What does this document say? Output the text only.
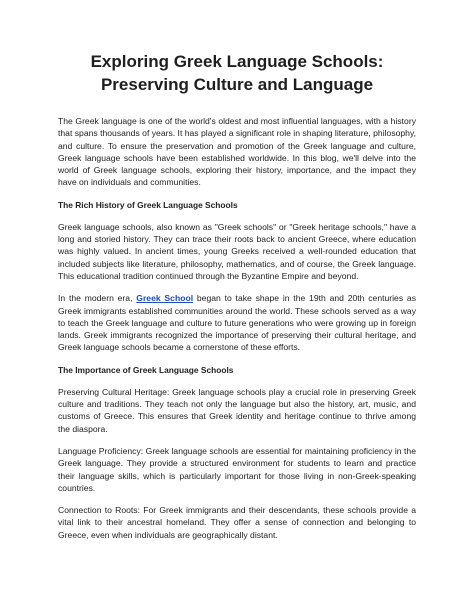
Exploring Greek Language Schools: Preserving Culture and Language

The Greek language is one of the world's oldest and most influential languages, with a history that spans thousands of years. It has played a significant role in shaping literature, philosophy, and culture. To ensure the preservation and promotion of the Greek language and culture, Greek language schools have been established worldwide. In this blog, we'll delve into the world of Greek language schools, exploring their history, importance, and the impact they have on individuals and communities.

The Rich History of Greek Language Schools

Greek language schools, also known as "Greek schools" or "Greek heritage schools," have a long and storied history. They can trace their roots back to ancient Greece, where education was highly valued. In ancient times, young Greeks received a well-rounded education that included subjects like literature, philosophy, mathematics, and of course, the Greek language. This educational tradition continued through the Byzantine Empire and beyond.

In the modern era, Greek School began to take shape in the 19th and 20th centuries as Greek immigrants established communities around the world. These schools served as a way to teach the Greek language and culture to future generations who were growing up in foreign lands. Greek immigrants recognized the importance of preserving their cultural heritage, and Greek language schools became a cornerstone of these efforts.

The Importance of Greek Language Schools

Preserving Cultural Heritage: Greek language schools play a crucial role in preserving Greek culture and traditions. They teach not only the language but also the history, art, music, and customs of Greece. This ensures that Greek identity and heritage continue to thrive among the diaspora.

Language Proficiency: Greek language schools are essential for maintaining proficiency in the Greek language. They provide a structured environment for students to learn and practice their language skills, which is particularly important for those living in non-Greek-speaking countries.

Connection to Roots: For Greek immigrants and their descendants, these schools provide a vital link to their ancestral homeland. They offer a sense of connection and belonging to Greece, even when individuals are geographically distant.
